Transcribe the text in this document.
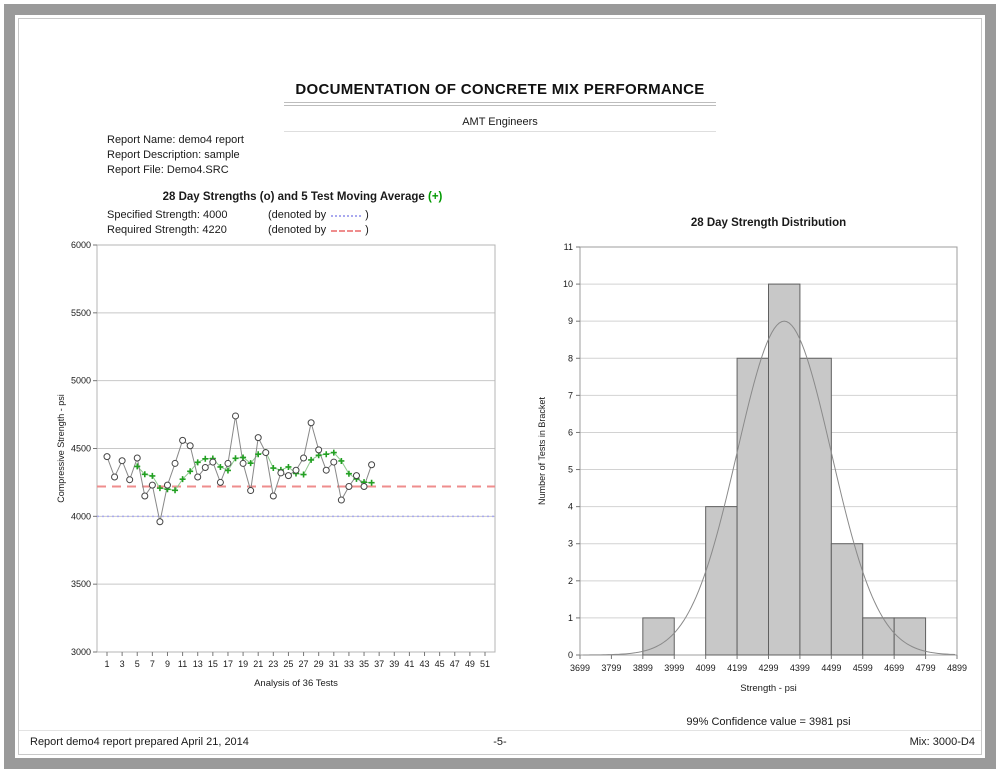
DOCUMENTATION OF CONCRETE MIX PERFORMANCE
AMT Engineers
Report Name: demo4 report
Report Description: sample
Report File: Demo4.SRC
28 Day Strengths (o) and 5 Test Moving Average (+)
Specified Strength: 4000	(denoted by	)
Required Strength: 4220	(denoted by	)
3000
3500
4000
4500
5000
5500
6000
1 3 5 7 9 11 13 15 17 19 21 23 25 27 29 31 33 35 37 39 41 43 45 47 49 51
Analysis of 36 Tests
Compressive Strength - psi
28 Day Strength Distribution
0
1
2
3
4
5
6
7
8
9
10
11
3699 3799 3899 3999 4099 4199 4299 4399 4499 4599 4699 4799 4899
Strength - psi
Number of Tests in Bracket
99% Confidence value = 3981 psi
Report demo4 report prepared April 21, 2014	-5-	Mix: 3000-D4
